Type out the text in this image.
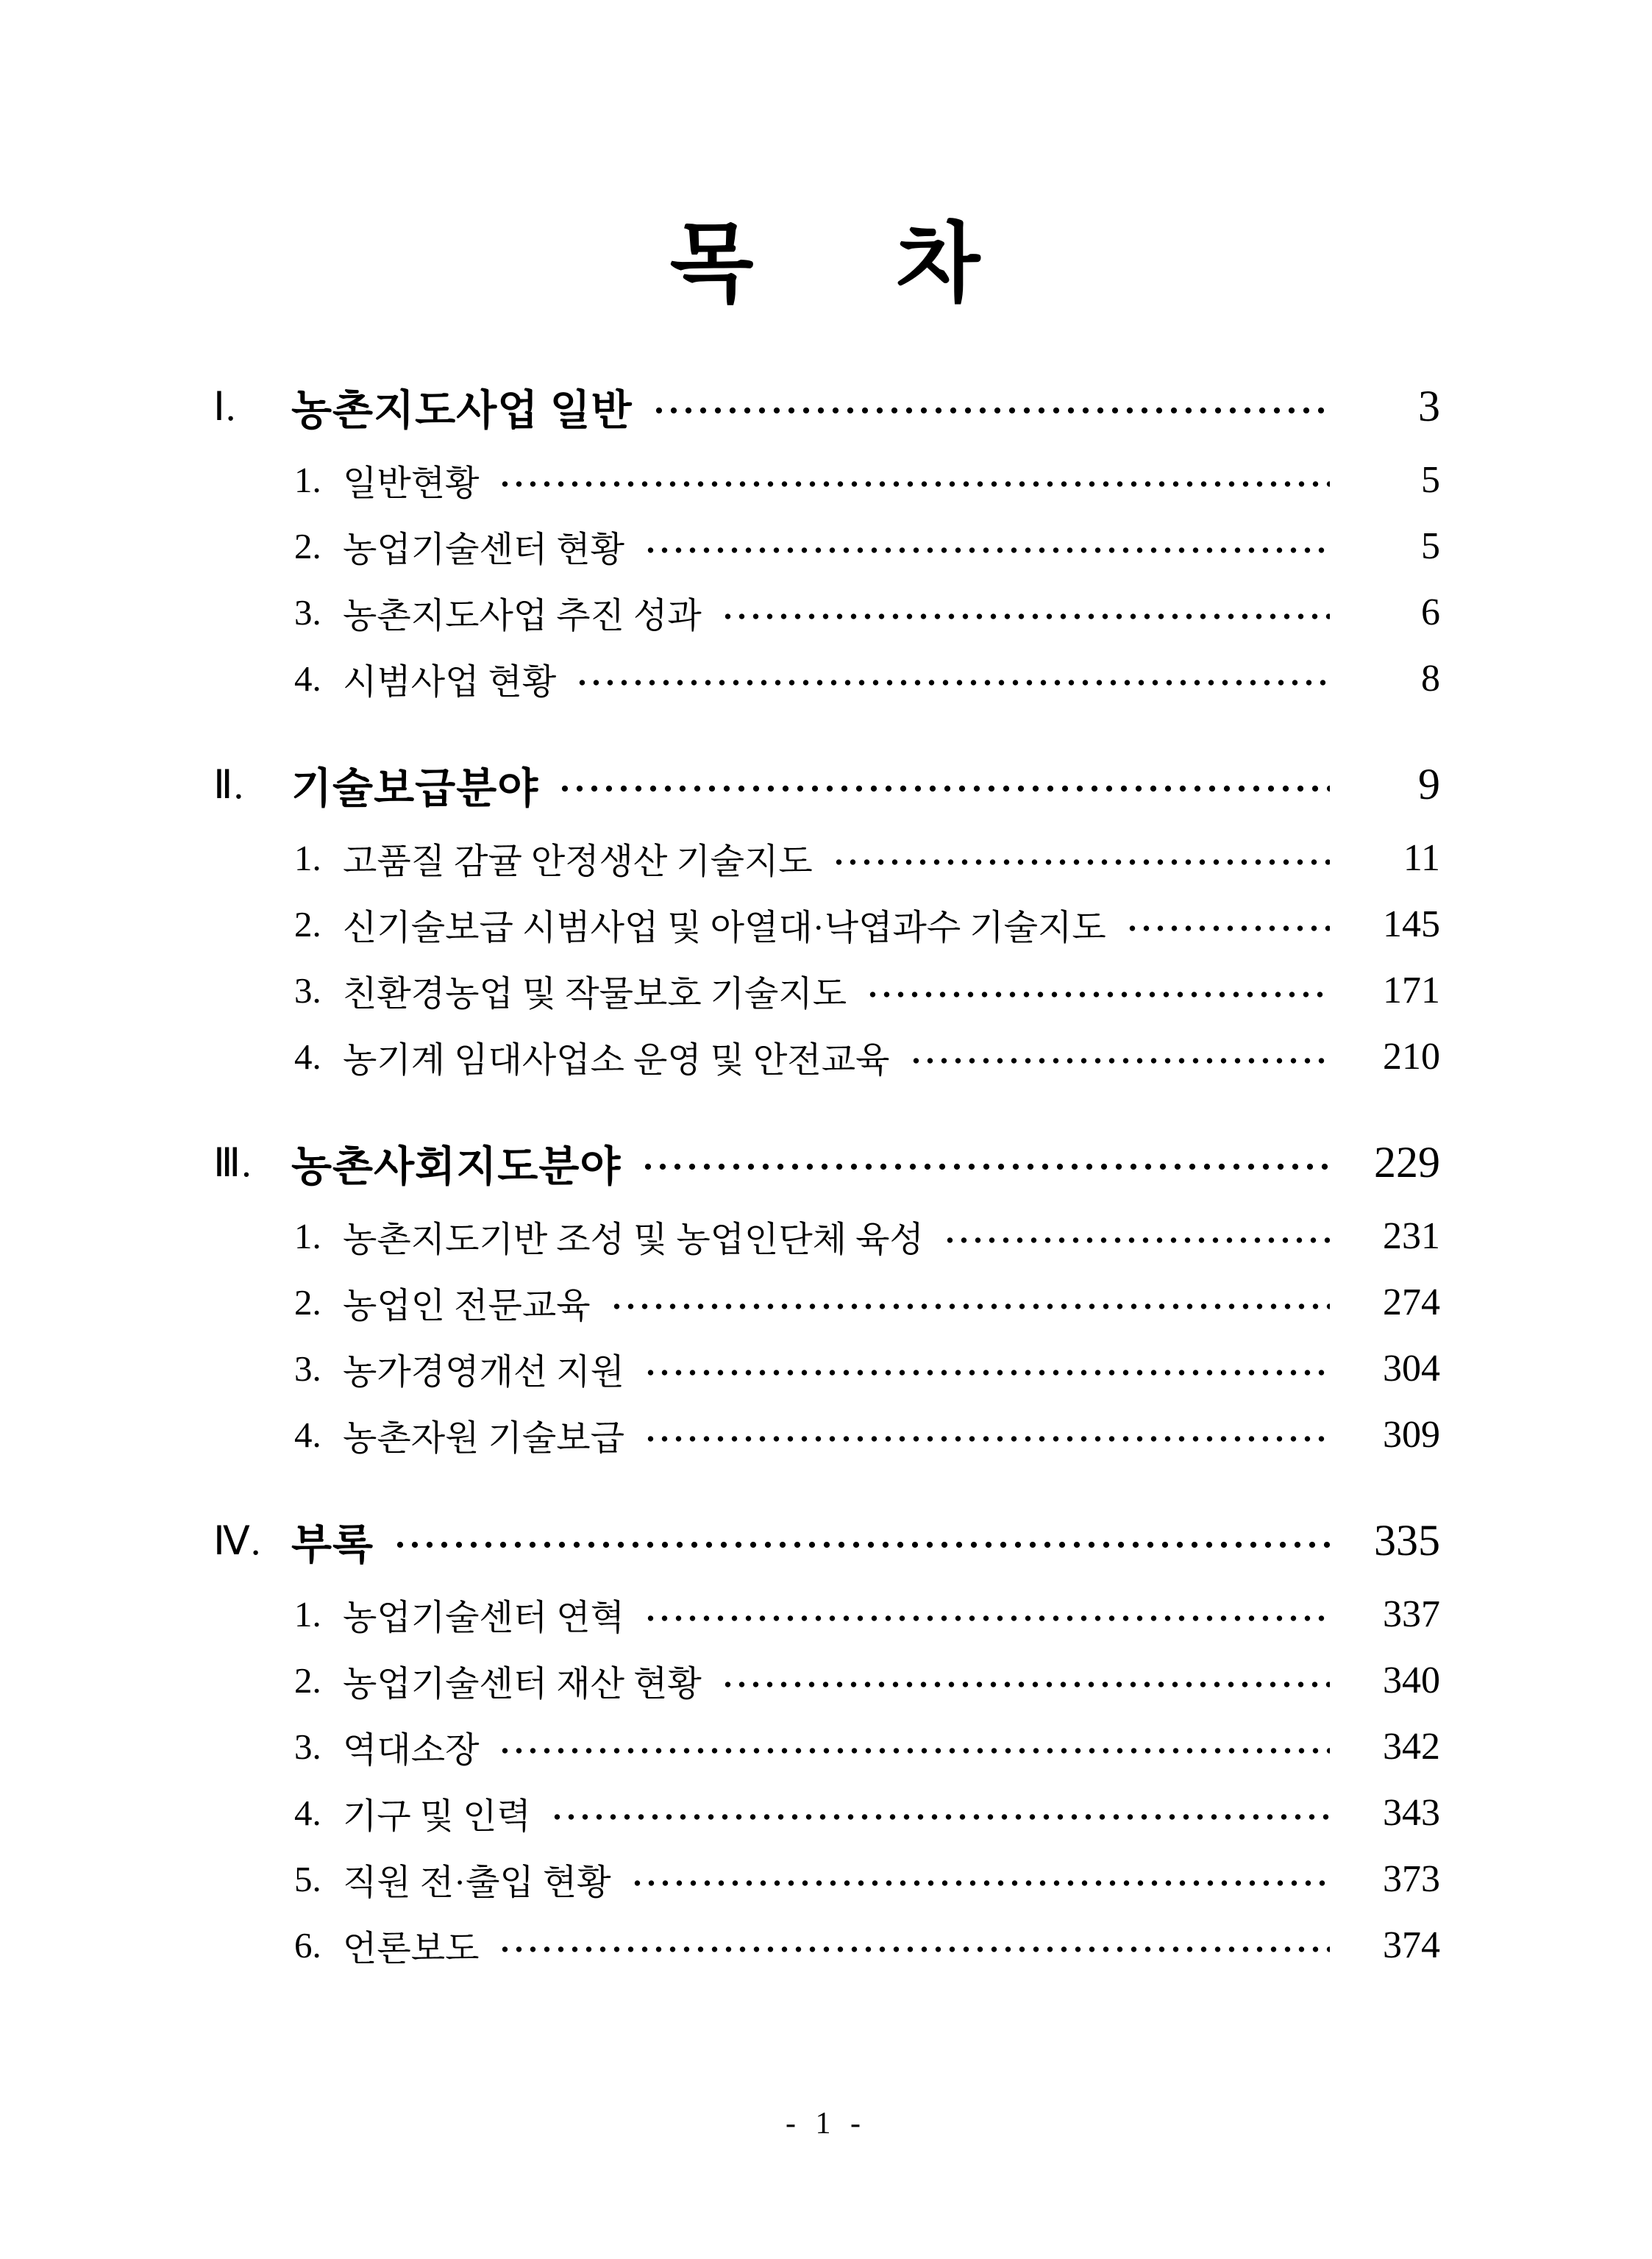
목 차
Ⅰ.	농촌지도사업 일반	3
1. 일반현황	5
2. 농업기술센터 현황	5
3. 농촌지도사업 추진 성과	6
4. 시범사업 현황	8
Ⅱ.	기술보급분야	9
1. 고품질 감귤 안정생산 기술지도	11
2. 신기술보급 시범사업 및 아열대·낙엽과수 기술지도	145
3. 친환경농업 및 작물보호 기술지도	171
4. 농기계 임대사업소 운영 및 안전교육	210
Ⅲ. 농촌사회지도분야	229
1. 농촌지도기반 조성 및 농업인단체 육성	231
2. 농업인 전문교육	274
3. 농가경영개선 지원	304
4. 농촌자원 기술보급	309
Ⅳ. 부록	335
1. 농업기술센터 연혁	337
2. 농업기술센터 재산 현황	340
3. 역대소장	342
4. 기구 및 인력	343
5. 직원 전·출입 현황	373
6. 언론보도	374
- 1 -
